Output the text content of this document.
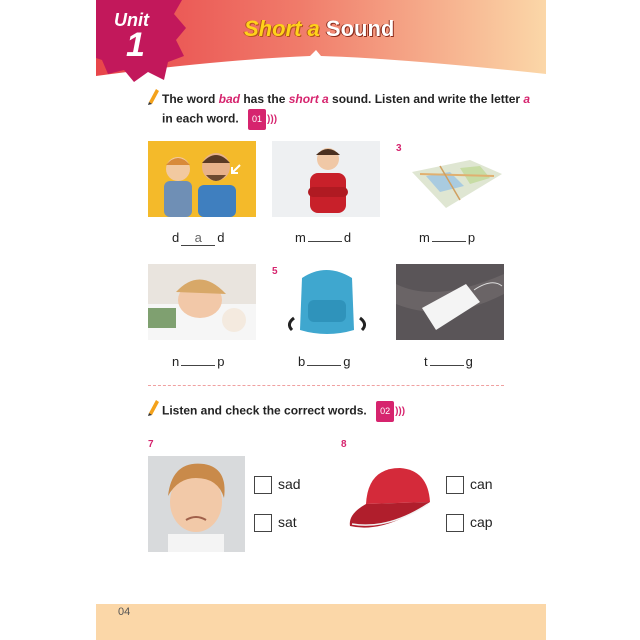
Unit
1	Short a Sound
The word bad has the short a sound. Listen and write the letter a
in each word. 01 )))
d a d	m	d
3
m	p
n	p
5
b	g	t	g
Listen and check the correct words. 02 )))
7
sad
sat
8
can
cap
04
